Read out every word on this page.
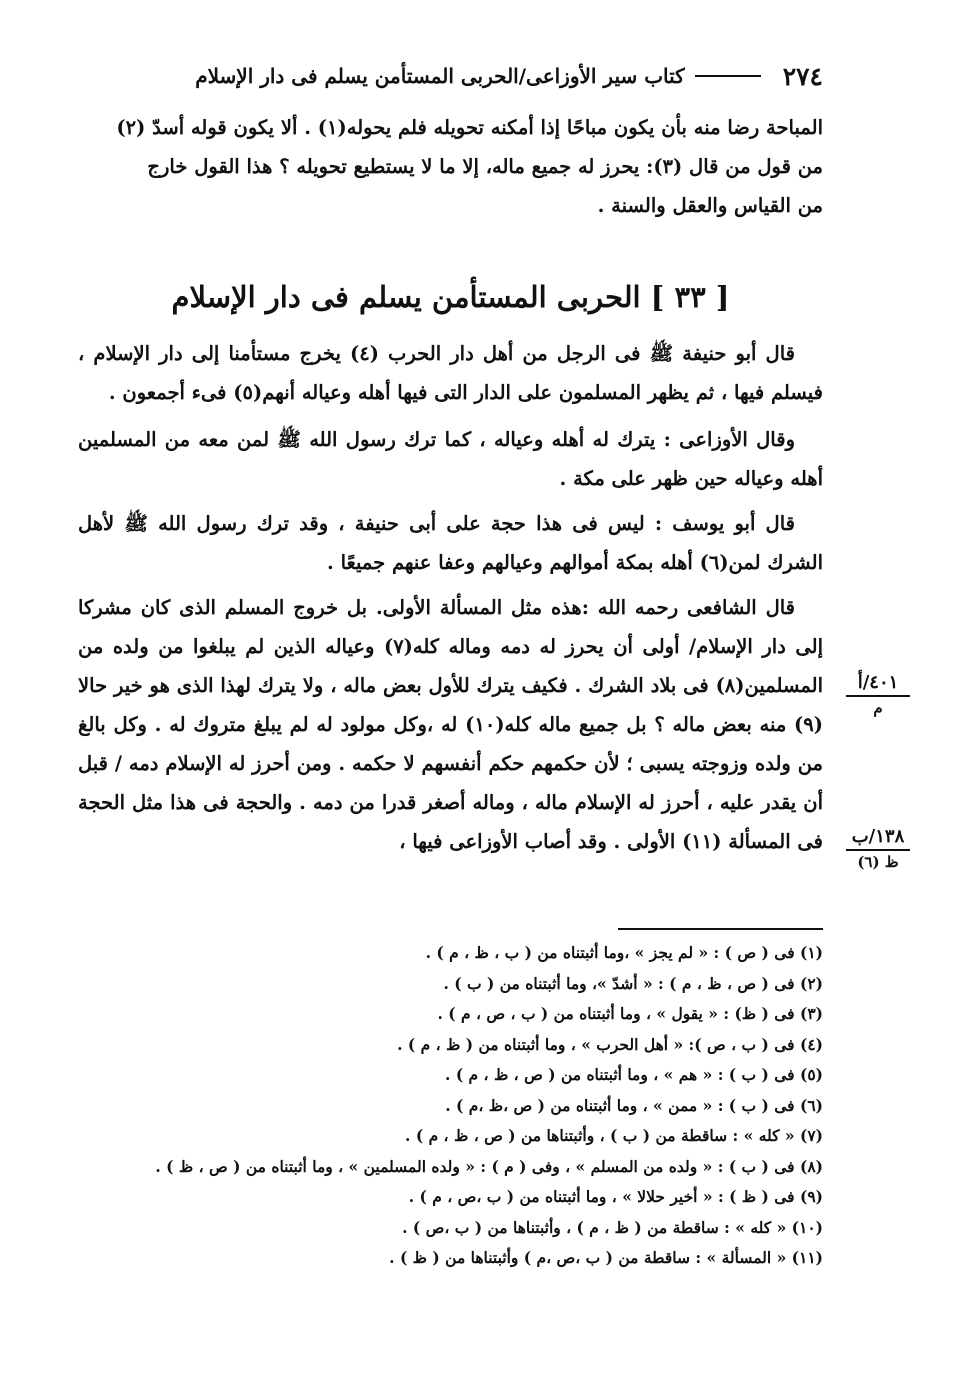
٢٧٤
كتاب سير الأوزاعى/الحربى المستأمن يسلم فى دار الإسلام

المباحة رضا منه بأن يكون مباحًا إذا أمكنه تحويله فلم يحوله(١) . ألا يكون قوله أسدّ (٢)

من قول من قال (٣): يحرز له جميع ماله، إلا ما لا يستطيع تحويله ؟ هذا القول خارج

من القياس والعقل والسنة .

[ ٣٣ ] الحربى المستأمن يسلم فى دار الإسلام

قال أبو حنيفة ﷺ فى الرجل من أهل دار الحرب (٤) يخرج مستأمنا إلى دار الإسلام ، فيسلم فيها ، ثم يظهر المسلمون على الدار التى فيها أهله وعياله أنهم(٥) فىء أجمعون .

وقال الأوزاعى : يترك له أهله وعياله ، كما ترك رسول الله ﷺ لمن معه من المسلمين أهله وعياله حين ظهر على مكة .

قال أبو يوسف : ليس فى هذا حجة على أبى حنيفة ، وقد ترك رسول الله ﷺ لأهل الشرك لمن(٦) أهله بمكة أموالهم وعيالهم وعفا عنهم جميعًا .

قال الشافعى رحمه الله :هذه مثل المسألة الأولى. بل خروج المسلم الذى كان مشركا إلى دار الإسلام/ أولى أن يحرز له دمه وماله كله(٧) وعياله الذين لم يبلغوا من ولده من المسلمين(٨) فى بلاد الشرك . فكيف يترك للأول بعض ماله ، ولا يترك لهذا الذى هو خير حالا (٩) منه بعض ماله ؟ بل جميع ماله كله(١٠) له ،وكل مولود له لم يبلغ متروك له . وكل بالغ من ولده وزوجته يسبى ؛ لأن حكمهم حكم أنفسهم لا حكمه . ومن أحرز له الإسلام دمه / قبل أن يقدر عليه ، أحرز له الإسلام ماله ، وماله أصغر قدرا من دمه . والحجة فى هذا مثل الحجة فى المسألة (١١) الأولى . وقد أصاب الأوزاعى فيها ،

٤٠١/أ
م
١٣٨/ب
ظ (٦)
(١) فى ( ص ) : « لم يجز » ،وما أثبتناه من ( ب ، ظ ، م ) .
(٢) فى ( ص ، ظ ، م ) : « أشدّ »، وما أثبتناه من ( ب ) .
(٣) فى ( ظ) : « يقول » ، وما أثبتناه من ( ب ، ص ، م ) .
(٤) فى ( ب ، ص ): « أهل الحرب » ، وما أثبتناه من ( ظ ، م ) .
(٥) فى ( ب ) : « هم » ، وما أثبتناه من ( ص ، ظ ، م ) .
(٦) فى ( ب ) : « ممن » ، وما أثبتناه من ( ص ،ظ ،م ) .
(٧) « كله » : ساقطة من ( ب ) ، وأثبتناها من ( ص ، ظ ، م ) .
(٨) فى ( ب ) : « ولده من المسلم » ، وفى ( م ) : « ولده المسلمين » ، وما أثبتناه من ( ص ، ظ ) .
(٩) فى ( ظ ) : « أخير حلالا » ، وما أثبتناه من ( ب ،ص ، م ) .
(١٠) « كله » : ساقطة من ( ظ ، م ) ، وأثبتناها من ( ب ،ص ) .
(١١) « المسألة » : ساقطة من ( ب ،ص ،م ) وأثبتناها من ( ظ ) .
